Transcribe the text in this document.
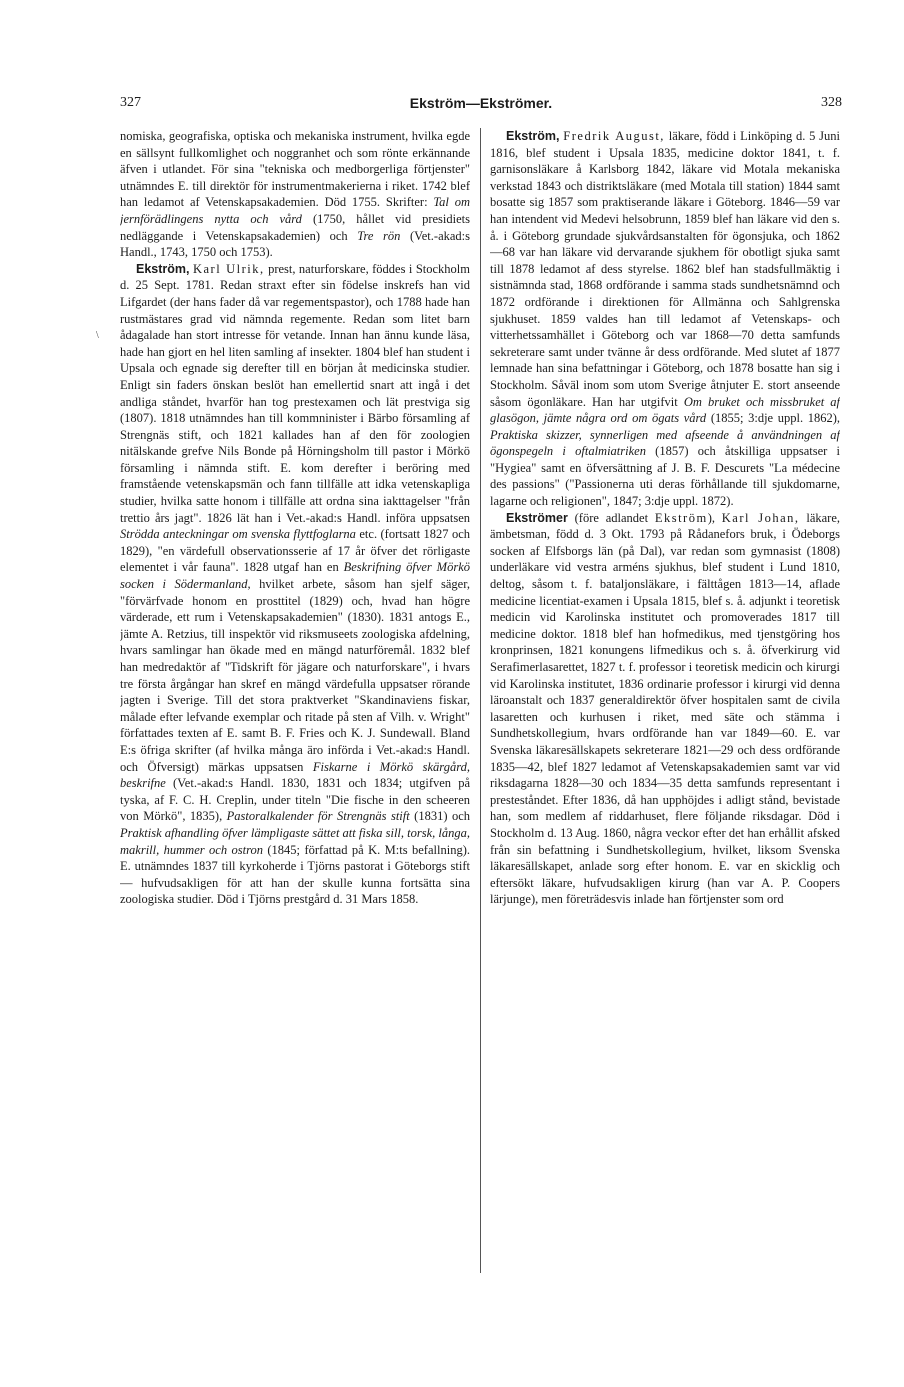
327	Ekström—Ekströmer.	328
\

nomiska, geografiska, optiska och mekaniska instrument, hvilka egde en sällsynt fullkomlighet och noggranhet och som rönte erkännande äfven i utlandet. För sina "tekniska och medborgerliga förtjenster" utnämndes E. till direktör för instrumentmakerierna i riket. 1742 blef han ledamot af Vetenskapsakademien. Död 1755. Skrifter: Tal om jernförädlingens nytta och vård (1750, hållet vid presidiets nedläggande i Vetenskapsakademien) och Tre rön (Vet.-akad:s Handl., 1743, 1750 och 1753).

Ekström, Karl Ulrik, prest, naturforskare, föddes i Stockholm d. 25 Sept. 1781. Redan straxt efter sin födelse inskrefs han vid Lifgardet (der hans fader då var regementspastor), och 1788 hade han rustmästares grad vid nämnda regemente. Redan som litet barn ådagalade han stort intresse för vetande. Innan han ännu kunde läsa, hade han gjort en hel liten samling af insekter. 1804 blef han student i Upsala och egnade sig derefter till en början åt medicinska studier. Enligt sin faders önskan beslöt han emellertid snart att ingå i det andliga ståndet, hvarför han tog prestexamen och lät prestviga sig (1807). 1818 utnämndes han till kommninister i Bärbo församling af Strengnäs stift, och 1821 kallades han af den för zoologien nitälskande grefve Nils Bonde på Hörningsholm till pastor i Mörkö församling i nämnda stift. E. kom derefter i beröring med framstående vetenskapsmän och fann tillfälle att idka vetenskapliga studier, hvilka satte honom i tillfälle att ordna sina iakttagelser "från trettio års jagt". 1826 lät han i Vet.-akad:s Handl. införa uppsatsen Strödda anteckningar om svenska flyttfoglarna etc. (fortsatt 1827 och 1829), "en värdefull observationsserie af 17 år öfver det rörligaste elementet i vår fauna". 1828 utgaf han en Beskrifning öfver Mörkö socken i Södermanland, hvilket arbete, såsom han sjelf säger, "förvärfvade honom en prosttitel (1829) och, hvad han högre värderade, ett rum i Vetenskapsakademien" (1830). 1831 antogs E., jämte A. Retzius, till inspektör vid riksmuseets zoologiska afdelning, hvars samlingar han ökade med en mängd naturföremål. 1832 blef han medredaktör af "Tidskrift för jägare och naturforskare", i hvars tre första årgångar han skref en mängd värdefulla uppsatser rörande jagten i Sverige. Till det stora praktverket "Skandinaviens fiskar, målade efter lefvande exemplar och ritade på sten af Vilh. v. Wright" författades texten af E. samt B. F. Fries och K. J. Sundewall. Bland E:s öfriga skrifter (af hvilka många äro införda i Vet.-akad:s Handl. och Öfversigt) märkas uppsatsen Fiskarne i Mörkö skärgård, beskrifne (Vet.-akad:s Handl. 1830, 1831 och 1834; utgifven på tyska, af F. C. H. Creplin, under titeln "Die fische in den scheeren von Mörkö", 1835), Pastoralkalender för Strengnäs stift (1831) och Praktisk afhandling öfver lämpligaste sättet att fiska sill, torsk, långa, makrill, hummer och ostron (1845; författad på K. M:ts befallning). E. utnämndes 1837 till kyrkoherde i Tjörns pastorat i Göteborgs stift — hufvudsakligen för att han der skulle kunna fortsätta sina zoologiska studier. Död i Tjörns prestgård d. 31 Mars 1858.

Ekström, Fredrik August, läkare, född i Linköping d. 5 Juni 1816, blef student i Upsala 1835, medicine doktor 1841, t. f. garnisonsläkare å Karlsborg 1842, läkare vid Motala mekaniska verkstad 1843 och distriktsläkare (med Motala till station) 1844 samt bosatte sig 1857 som praktiserande läkare i Göteborg. 1846—59 var han intendent vid Medevi helsobrunn, 1859 blef han läkare vid den s. å. i Göteborg grundade sjukvårdsanstalten för ögonsjuka, och 1862 —68 var han läkare vid dervarande sjukhem för obotligt sjuka samt till 1878 ledamot af dess styrelse. 1862 blef han stadsfullmäktig i sistnämnda stad, 1868 ordförande i samma stads sundhetsnämnd och 1872 ordförande i direktionen för Allmänna och Sahlgrenska sjukhuset. 1859 valdes han till ledamot af Vetenskaps- och vitterhetssamhället i Göteborg och var 1868—70 detta samfunds sekreterare samt under tvänne år dess ordförande. Med slutet af 1877 lemnade han sina befattningar i Göteborg, och 1878 bosatte han sig i Stockholm. Såväl inom som utom Sverige åtnjuter E. stort anseende såsom ögonläkare. Han har utgifvit Om bruket och missbruket af glasögon, jämte några ord om ögats vård (1855; 3:dje uppl. 1862), Praktiska skizzer, synnerligen med afseende å användningen af ögonspegeln i oftalmiatriken (1857) och åtskilliga uppsatser i "Hygiea" samt en öfversättning af J. B. F. Descurets "La médecine des passions" ("Passionerna uti deras förhållande till sjukdomarne, lagarne och religionen", 1847; 3:dje uppl. 1872).

Ekströmer (före adlandet Ekström), Karl Johan, läkare, ämbetsman, född d. 3 Okt. 1793 på Rådanefors bruk, i Ödeborgs socken af Elfsborgs län (på Dal), var redan som gymnasist (1808) underläkare vid vestra arméns sjukhus, blef student i Lund 1810, deltog, såsom t. f. bataljonsläkare, i fälttågen 1813—14, aflade medicine licentiat-examen i Upsala 1815, blef s. å. adjunkt i teoretisk medicin vid Karolinska institutet och promoverades 1817 till medicine doktor. 1818 blef han hofmedikus, med tjenstgöring hos kronprinsen, 1821 konungens lifmedikus och s. å. öfverkirurg vid Serafimerlasarettet, 1827 t. f. professor i teoretisk medicin och kirurgi vid Karolinska institutet, 1836 ordinarie professor i kirurgi vid denna läroanstalt och 1837 generaldirektör öfver hospitalen samt de civila lasaretten och kurhusen i riket, med säte och stämma i Sundhetskollegium, hvars ordförande han var 1849—60. E. var Svenska läkaresällskapets sekreterare 1821—29 och dess ordförande 1835—42, blef 1827 ledamot af Vetenskapsakademien samt var vid riksdagarna 1828—30 och 1834—35 detta samfunds representant i presteståndet. Efter 1836, då han upphöjdes i adligt stånd, bevistade han, som medlem af riddarhuset, flere följande riksdagar. Död i Stockholm d. 13 Aug. 1860, några veckor efter det han erhållit afsked från sin befattning i Sundhetskollegium, hvilket, liksom Svenska läkaresällskapet, anlade sorg efter honom. E. var en skicklig och eftersökt läkare, hufvudsakligen kirurg (han var A. P. Coopers lärjunge), men företrädesvis inlade han förtjenster som ord
